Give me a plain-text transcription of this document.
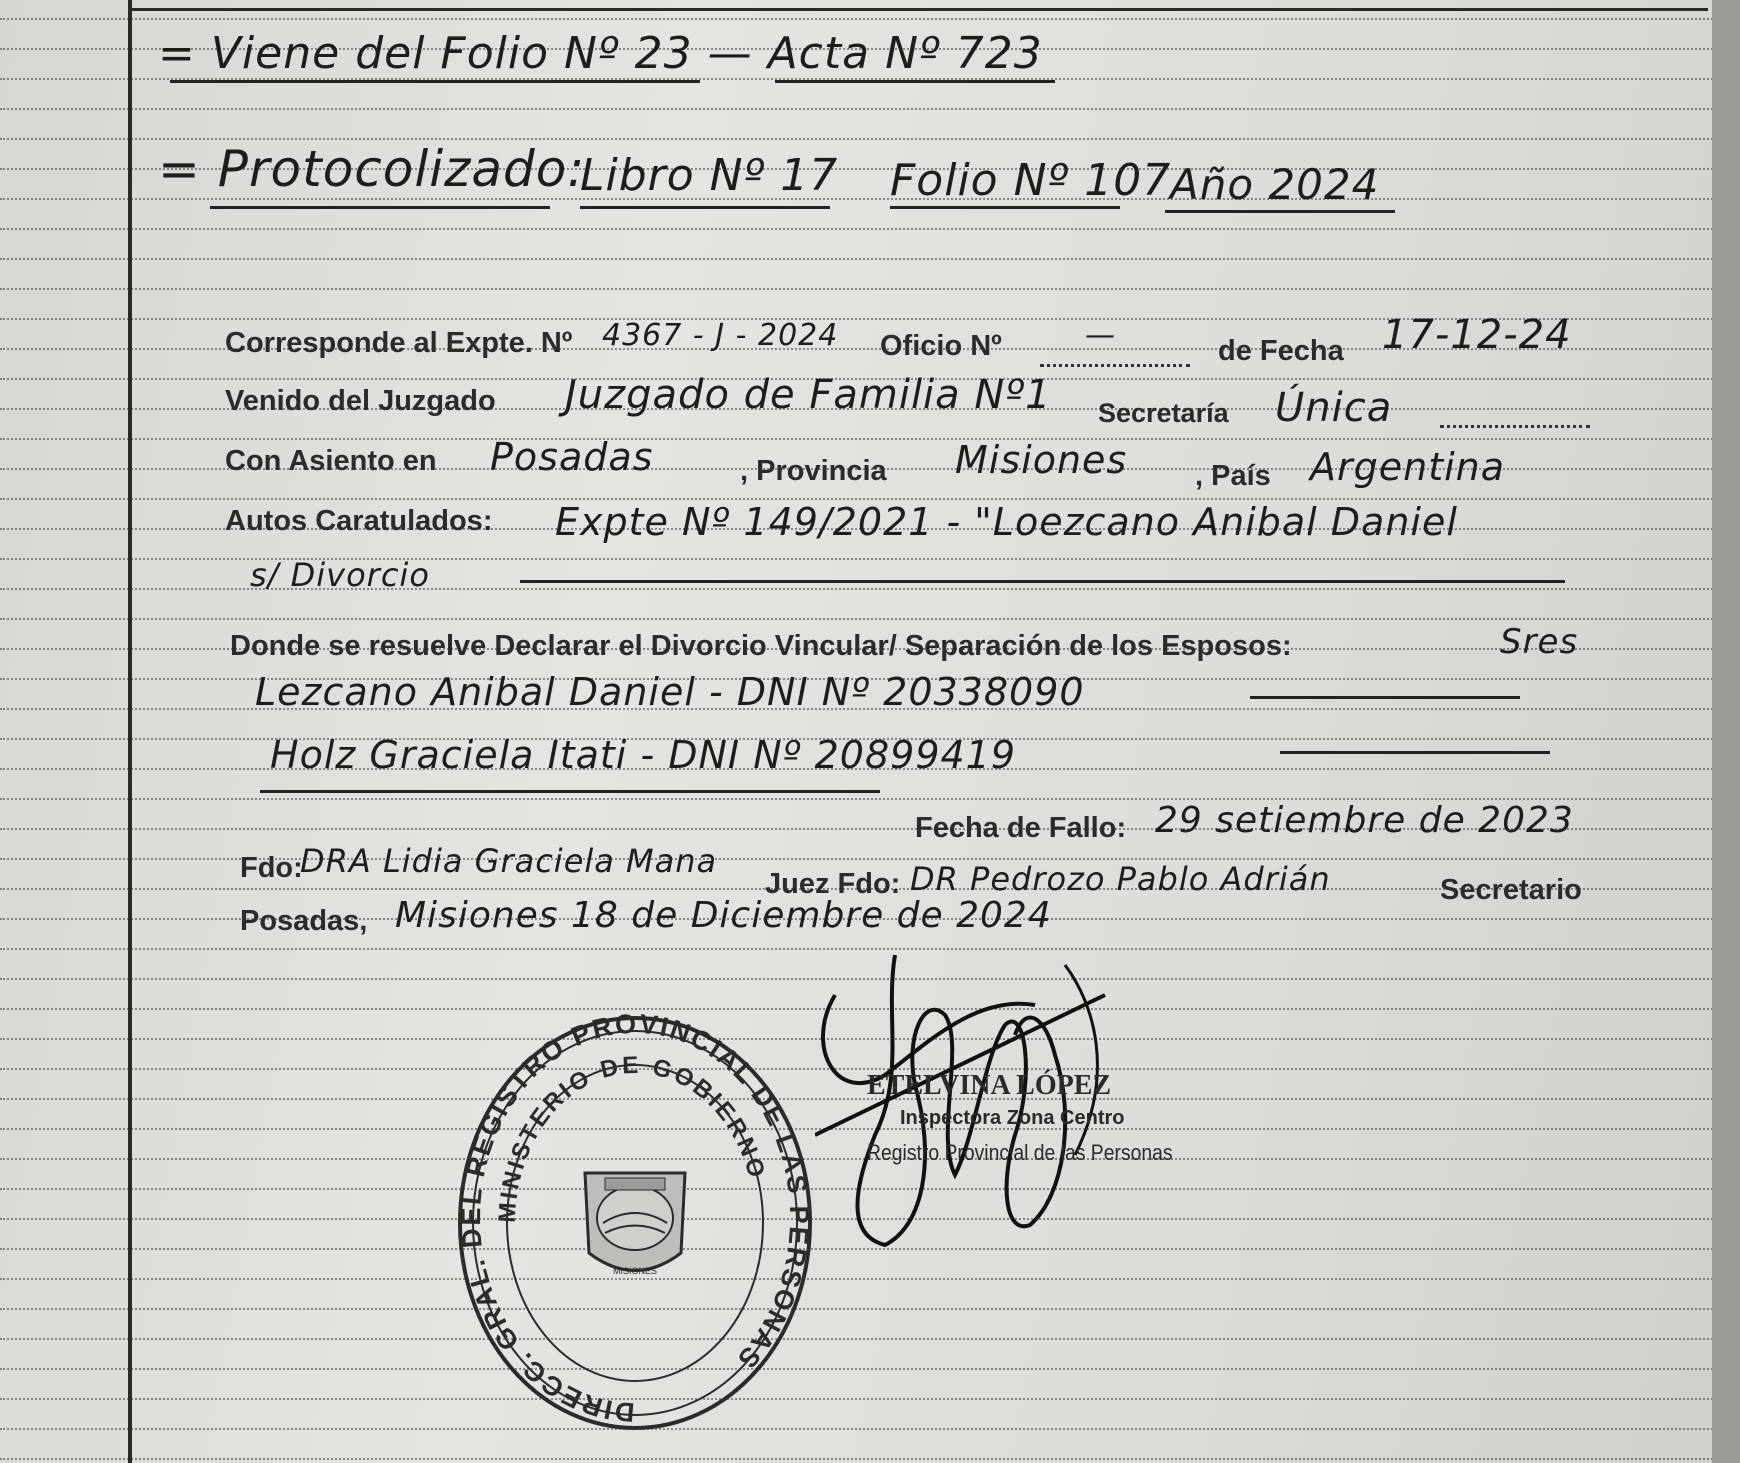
= Viene del Folio Nº 23 — Acta Nº 723
= Protocolizado:
Libro Nº 17 Folio Nº 107
Año 2024
Corresponde al Expte. Nº 4367 - J - 2024 Oficio Nº	—	de Fecha 17-12-24
Venido del Juzgado Juzgado de Familia Nº1 Secretaría Única
Con Asiento en Posadas	, Provincia Misiones , País Argentina
Autos Caratulados: Expte Nº 149/2021 - "Loezcano Anibal Daniel
s/ Divorcio
Donde se resuelve Declarar el Divorcio Vincular/ Separación de los Esposos:	Sres
Lezcano Anibal Daniel - DNI Nº 20338090
Holz Graciela Itati - DNI Nº 20899419
Fecha de Fallo: 29 setiembre de 2023
Fdo:
DRA Lidia Graciela Mana
Juez Fdo: DR Pedrozo Pablo Adrián	Secretario
Posadas, Misiones 18 de Diciembre de 2024
DIRECC. GRAL. DEL REGISTRO PROVINCIAL DE LAS PERSONAS
MINISTERIO DE GOBIERNO
MISIONES
ETELVINA LÓPEZ
Inspectora Zona Centro
Registro Provincial de las Personas
